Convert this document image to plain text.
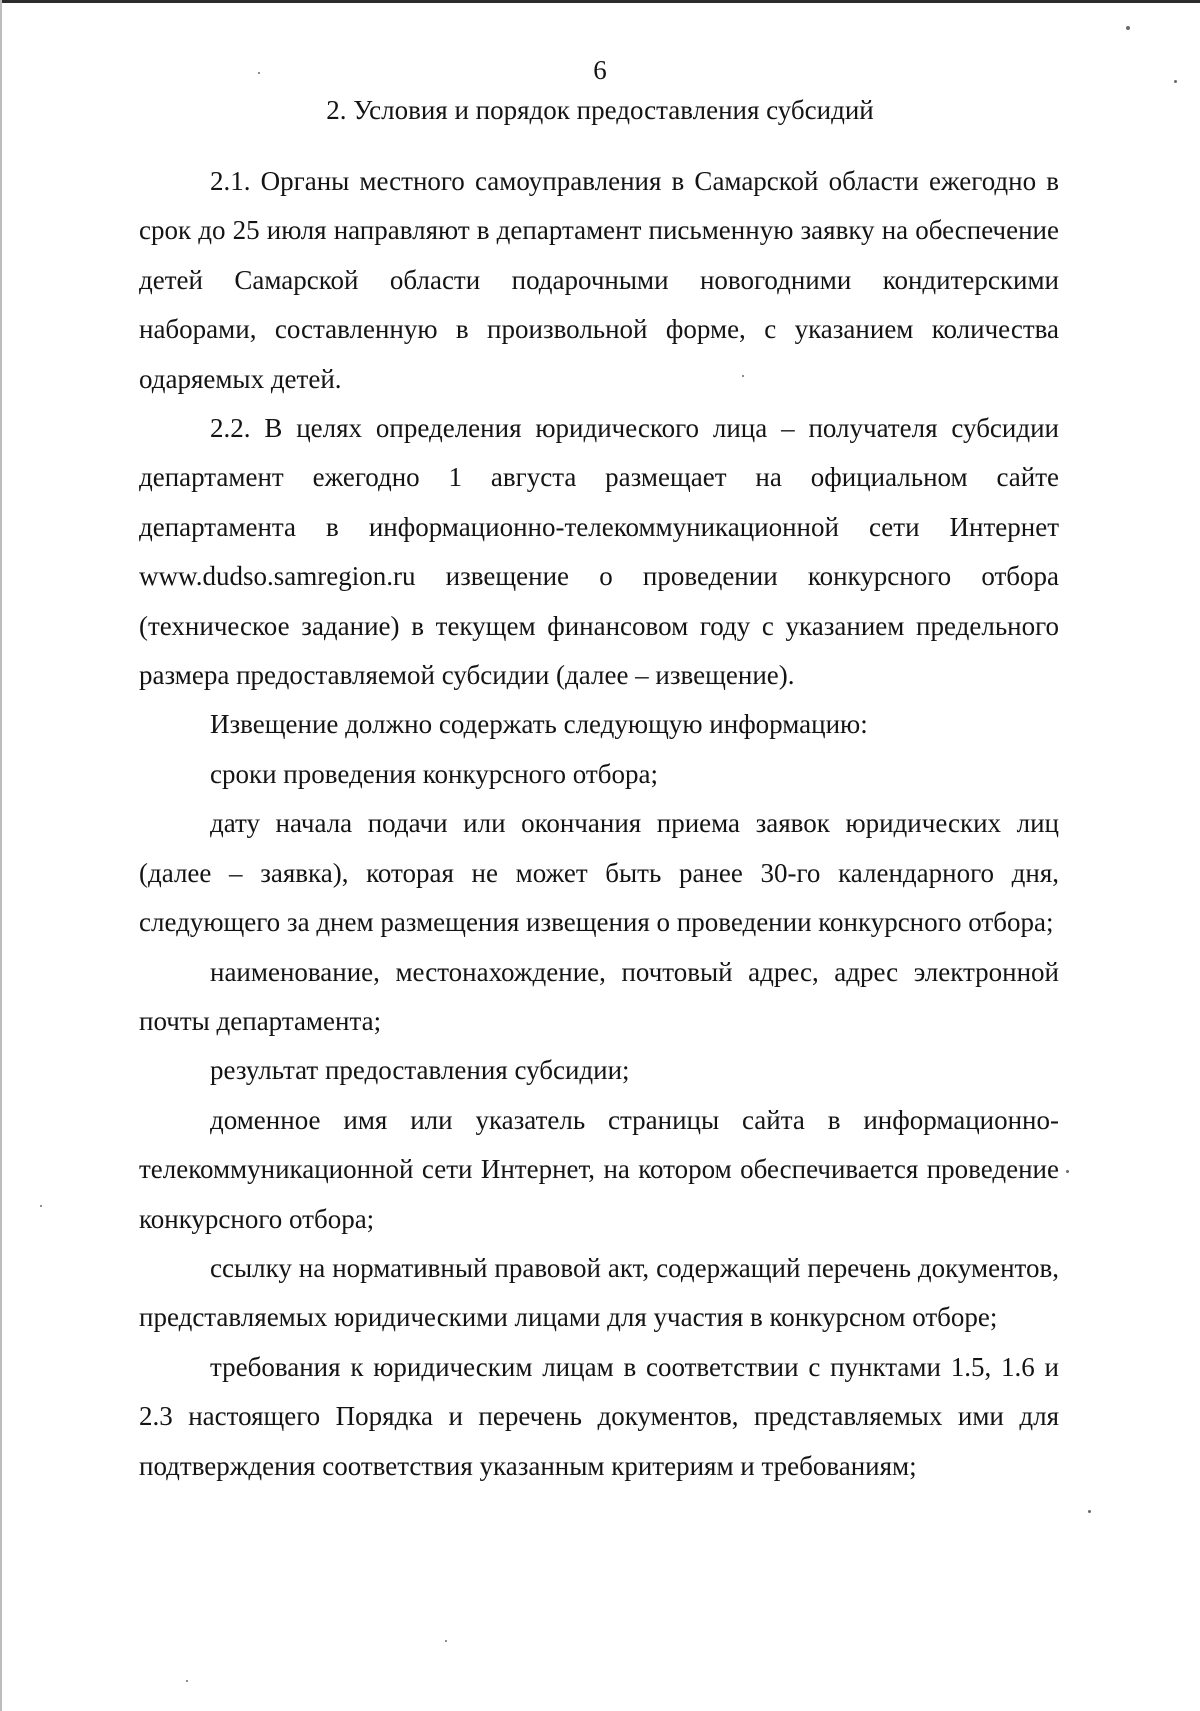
6
2. Условия и порядок предоставления субсидий

2.1. Органы местного самоуправления в Самарской области ежегодно в срок до 25 июля направляют в департамент письменную заявку на обеспечение детей Самарской области подарочными новогодними кондитерскими наборами, составленную в произвольной форме, с указанием количества одаряемых детей.

2.2. В целях определения юридического лица – получателя субсидии департамент ежегодно 1 августа размещает на официальном сайте департамента в информационно-телекоммуникационной сети Интернет www.dudso.samregion.ru извещение о проведении конкурсного отбора (техническое задание) в текущем финансовом году с указанием предельного размера предоставляемой субсидии (далее – извещение).

Извещение должно содержать следующую информацию:

сроки проведения конкурсного отбора;

дату начала подачи или окончания приема заявок юридических лиц (далее – заявка), которая не может быть ранее 30-го календарного дня, следующего за днем размещения извещения о проведении конкурсного отбора;

наименование, местонахождение, почтовый адрес, адрес электронной почты департамента;

результат предоставления субсидии;

доменное имя или указатель страницы сайта в информационно-телекоммуникационной сети Интернет, на котором обеспечивается проведение конкурсного отбора;

ссылку на нормативный правовой акт, содержащий перечень документов, представляемых юридическими лицами для участия в конкурсном отборе;

требования к юридическим лицам в соответствии с пунктами 1.5, 1.6 и 2.3 настоящего Порядка и перечень документов, представляемых ими для подтверждения соответствия указанным критериям и требованиям;
